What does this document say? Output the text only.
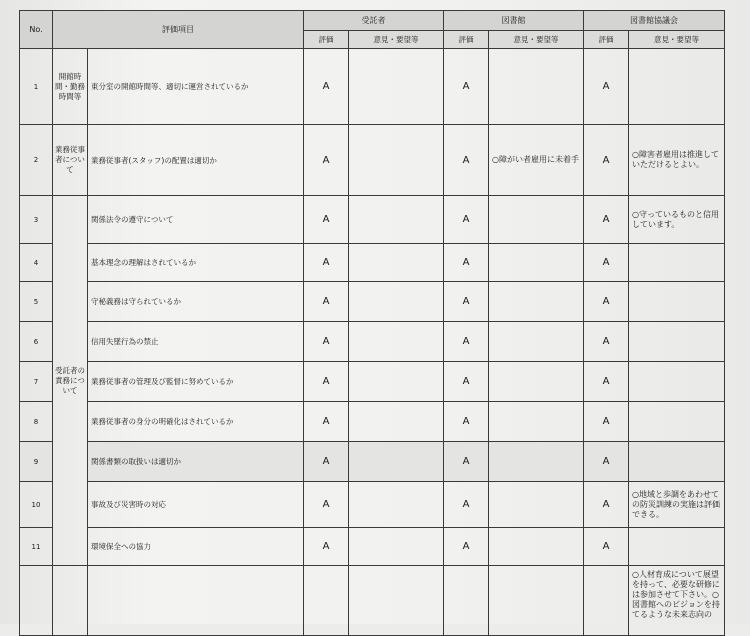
No.	評価項目		受託者		図書館		図書館協議会	
			評価	意見・要望等	評価	意見・要望等	評価	意見・要望等
1	開館時間・勤務時間等	東分室の開館時間等、適切に運営されているか	A		A		A	
2	業務従事者について	業務従事者(スタッフ)の配置は適切か	A		A	○障がい者雇用に未着手	A	○障害者雇用は推進していただけるとよい。
3	受託者の責務について	関係法令の遵守について	A		A		A	○守っているものと信用しています。
4		基本理念の理解はされているか	A		A		A	
5		守秘義務は守られているか	A		A		A	
6		信用失墜行為の禁止	A		A		A	
7		業務従事者の管理及び監督に努めているか	A		A		A	
8		業務従事者の身分の明確化はされているか	A		A		A	
9		関係書類の取扱いは適切か	A		A		A	
10		事故及び災害時の対応	A		A		A	○地域と歩調をあわせての防災訓練の実施は評価できる。
11		環境保全への協力	A		A		A	
								○人材育成について展望を持って、必要な研修には参加させて下さい。○図書館へのビジョンを持てるような未来志向の
